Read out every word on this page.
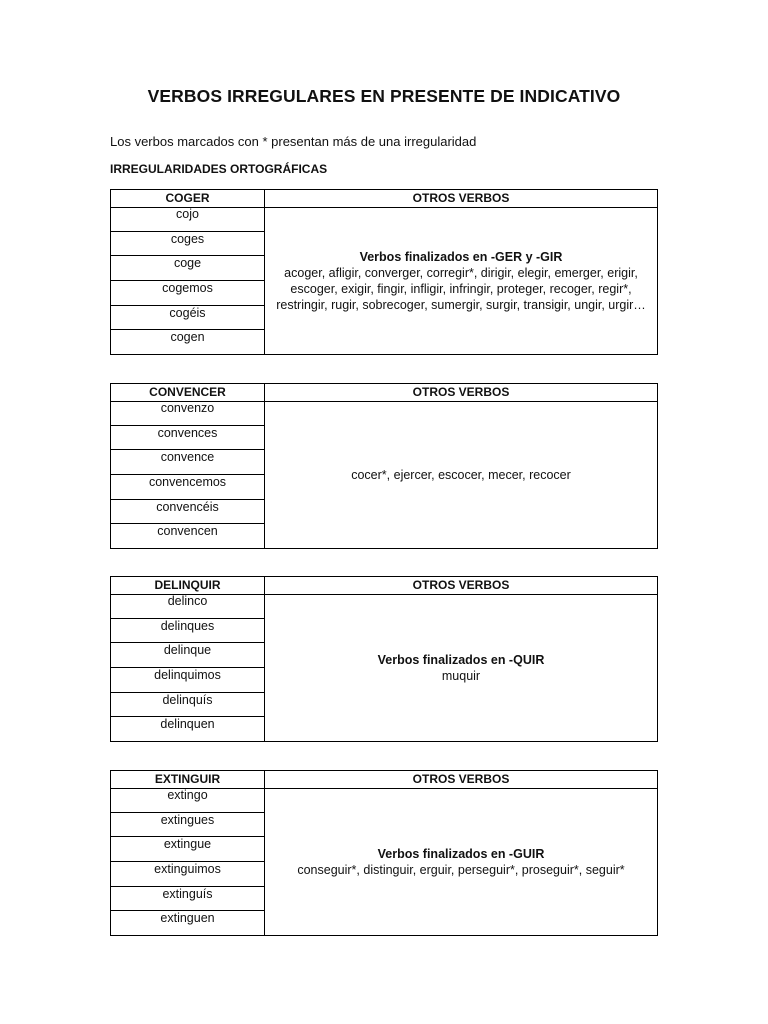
VERBOS IRREGULARES EN PRESENTE DE INDICATIVO
Los verbos marcados con * presentan más de una irregularidad
IRREGULARIDADES ORTOGRÁFICAS
COGER	OTROS VERBOS
cojo
coges
coge
cogemos
cogéis
cogen
Verbos finalizados en -GER y -GIR
acoger, afligir, converger, corregir*, dirigir, elegir, emerger, erigir, escoger, exigir, fingir, infligir, infringir, proteger, recoger, regir*, restringir, rugir, sobrecoger, sumergir, surgir, transigir, ungir, urgir…
CONVENCER	OTROS VERBOS
convenzo
convences
convence
convencemos
convencéis
convencen
cocer*, ejercer, escocer, mecer, recocer
DELINQUIR	OTROS VERBOS
delinco
delinques
delinque
delinquimos
delinquís
delinquen
Verbos finalizados en -QUIR
muquir
EXTINGUIR	OTROS VERBOS
extingo
extingues
extingue
extinguimos
extinguís
extinguen
Verbos finalizados en -GUIR
conseguir*, distinguir, erguir, perseguir*, proseguir*, seguir*
